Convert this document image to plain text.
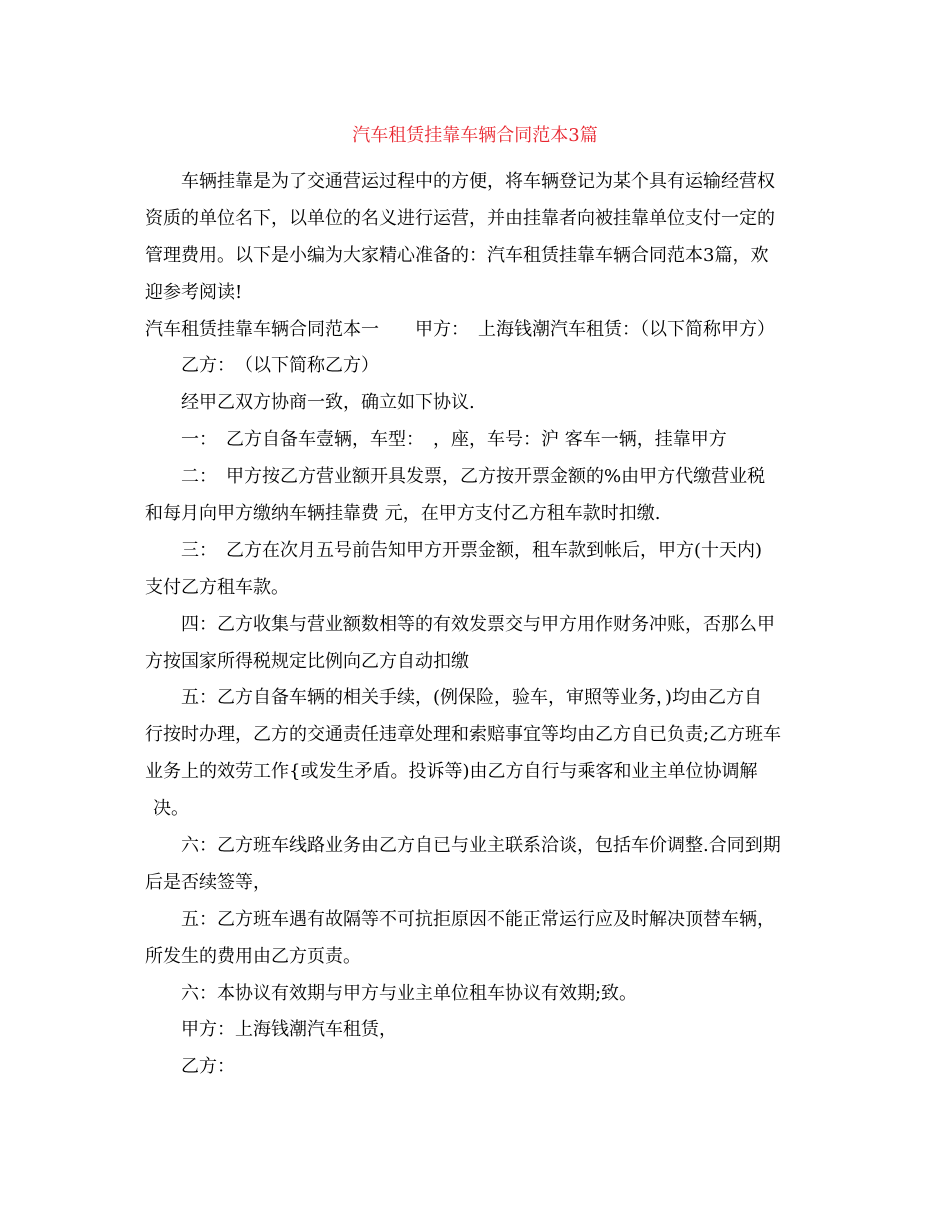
汽车租赁挂靠车辆合同范本3篇
车辆挂靠是为了交通营运过程中的方便，将车辆登记为某个具有运输经营权
资质的单位名下，以单位的名义进行运营，并由挂靠者向被挂靠单位支付一定的
管理费用。以下是小编为大家精心准备的：汽车租赁挂靠车辆合同范本3篇，欢
迎参考阅读!
汽车租赁挂靠车辆合同范本一　　甲方：　上海钱潮汽车租赁：（以下简称甲方）
乙方：　（以下简称乙方）
经甲乙双方协商一致，确立如下协议.
一：　乙方自备车壹辆，车型：　，座，车号：沪 客车一辆，挂靠甲方
二：　甲方按乙方营业额开具发票，乙方按开票金额的%由甲方代缴营业税
和每月向甲方缴纳车辆挂靠费 元，在甲方支付乙方租车款时扣缴.
三：　乙方在次月五号前告知甲方开票金额，租车款到帐后，甲方(十天内)
支付乙方租车款。
四：乙方收集与营业额数相等的有效发票交与甲方用作财务冲账，否那么甲
方按国家所得税规定比例向乙方自动扣缴
五：乙方自备车辆的相关手续，(例保险，验车，审照等业务，)均由乙方自
行按时办理，乙方的交通责任违章处理和索赔事宜等均由乙方自已负责;乙方班车
业务上的效劳工作{或发生矛盾。投诉等)由乙方自行与乘客和业主单位协调解
决。
六：乙方班车线路业务由乙方自已与业主联系洽谈，包括车价调整.合同到期
后是否续签等，
五：乙方班车遇有故隔等不可抗拒原因不能正常运行应及时解决顶替车辆，
所发生的费用由乙方页责。
六：本协议有效期与甲方与业主单位租车协议有效期;致。
甲方：上海钱潮汽车租赁，
乙方：
